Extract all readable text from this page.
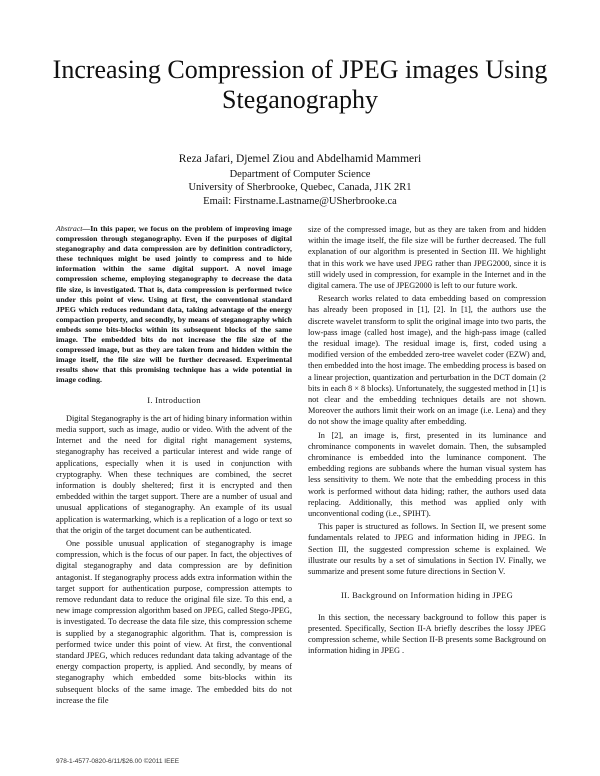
Increasing Compression of JPEG images Using
Steganography
Reza Jafari, Djemel Ziou and Abdelhamid Mammeri
Department of Computer Science
University of Sherbrooke, Quebec, Canada, J1K 2R1
Email: Firstname.Lastname@USherbrooke.ca

Abstract—In this paper, we focus on the problem of improving image compression through steganography. Even if the purposes of digital steganography and data compression are by definition contradictory, these techniques might be used jointly to compress and to hide information within the same digital support. A novel image compression scheme, employing steganography to decrease the data file size, is investigated. That is, data compression is performed twice under this point of view. Using at first, the conventional standard JPEG which reduces redundant data, taking advantage of the energy compaction property, and secondly, by means of steganography which embeds some bits-blocks within its subsequent blocks of the same image. The embedded bits do not increase the file size of the compressed image, but as they are taken from and hidden within the image itself, the file size will be further decreased. Experimental results show that this promising technique has a wide potential in image coding.

I. Introduction

Digital Steganography is the art of hiding binary information within media support, such as image, audio or video. With the advent of the Internet and the need for digital right management systems, steganography has received a particular interest and wide range of applications, especially when it is used in conjunction with cryptography. When these techniques are combined, the secret information is doubly sheltered; first it is encrypted and then embedded within the target support. There are a number of usual and unusual applications of steganography. An example of its usual application is watermarking, which is a replication of a logo or text so that the origin of the target document can be authenticated.

One possible unusual application of steganography is image compression, which is the focus of our paper. In fact, the objectives of digital steganography and data compression are by definition antagonist. If steganography process adds extra information within the target support for authentication purpose, compression attempts to remove redundant data to reduce the original file size. To this end, a new image compression algorithm based on JPEG, called Stego-JPEG, is investigated. To decrease the data file size, this compression scheme is supplied by a steganographic algorithm. That is, compression is performed twice under this point of view. At first, the conventional standard JPEG, which reduces redundant data taking advantage of the energy compaction property, is applied. And secondly, by means of steganography which embedded some bits-blocks within its subsequent blocks of the same image. The embedded bits do not increase the file

size of the compressed image, but as they are taken from and hidden within the image itself, the file size will be further decreased. The full explanation of our algorithm is presented in Section III. We highlight that in this work we have used JPEG rather than JPEG2000, since it is still widely used in compression, for example in the Internet and in the digital camera. The use of JPEG2000 is left to our future work.

Research works related to data embedding based on compression has already been proposed in [1], [2]. In [1], the authors use the discrete wavelet transform to split the original image into two parts, the low-pass image (called host image), and the high-pass image (called the residual image). The residual image is, first, coded using a modified version of the embedded zero-tree wavelet coder (EZW) and, then embedded into the host image. The embedding process is based on a linear projection, quantization and perturbation in the DCT domain (2 bits in each 8 × 8 blocks). Unfortunately, the suggested method in [1] is not clear and the embedding techniques details are not shown. Moreover the authors limit their work on an image (i.e. Lena) and they do not show the image quality after embedding.

In [2], an image is, first, presented in its luminance and chrominance components in wavelet domain. Then, the subsampled chrominance is embedded into the luminance component. The embedding regions are subbands where the human visual system has less sensitivity to them. We note that the embedding process in this work is performed without data hiding; rather, the authors used data replacing. Additionally, this method was applied only with unconventional coding (i.e., SPIHT).

This paper is structured as follows. In Section II, we present some fundamentals related to JPEG and information hiding in JPEG. In Section III, the suggested compression scheme is explained. We illustrate our results by a set of simulations in Section IV. Finally, we summarize and present some future directions in Section V.

II. Background on Information hiding in JPEG

In this section, the necessary background to follow this paper is presented. Specifically, Section II-A briefly describes the lossy JPEG compression scheme, while Section II-B presents some Background on information hiding in JPEG .

978-1-4577-0820-6/11/$26.00 ©2011 IEEE
